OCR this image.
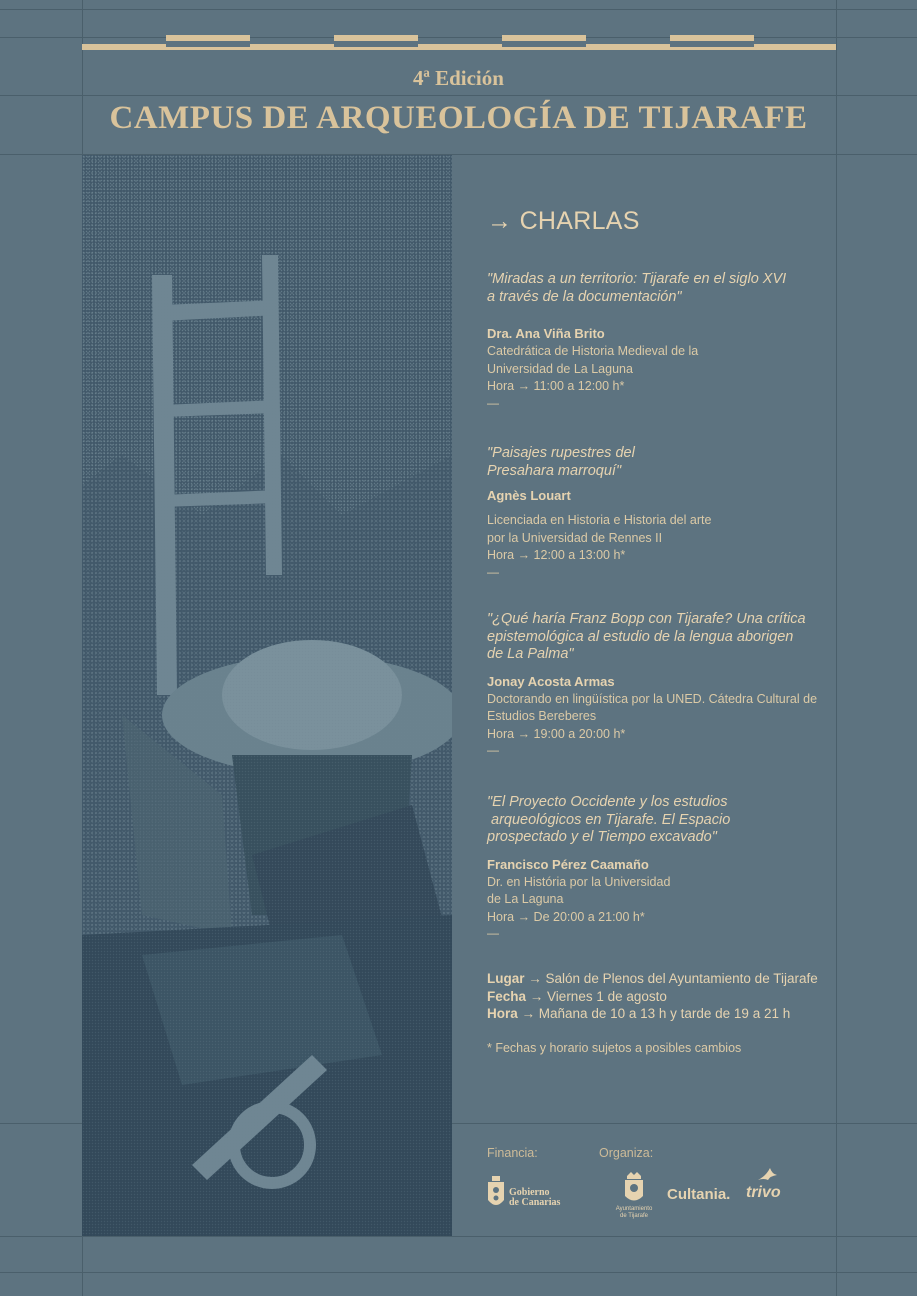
4ª Edición
CAMPUS DE ARQUEOLOGÍA DE TIJARAFE
→ CHARLAS
"Miradas a un territorio: Tijarafe en el siglo XVI
a través de la documentación"
Dra. Ana Viña Brito
Catedrática de Historia Medieval de la
Universidad de La Laguna
Hora → 11:00 a 12:00 h*
—
"Paisajes rupestres del
Presahara marroquí"
Agnès Louart
Licenciada en Historia e Historia del arte
por la Universidad de Rennes II
Hora → 12:00 a 13:00 h*
—
"¿Qué haría Franz Bopp con Tijarafe? Una crítica
epistemológica al estudio de la lengua aborigen
de La Palma"
Jonay Acosta Armas
Doctorando en lingüística por la UNED. Cátedra Cultural de
Estudios Bereberes
Hora → 19:00 a 20:00 h*
—
"El Proyecto Occidente y los estudios
arqueológicos en Tijarafe. El Espacio
prospectado y el Tiempo excavado"
Francisco Pérez Caamaño
Dr. en História por la Universidad
de La Laguna
Hora → De 20:00 a 21:00 h*
—
Lugar → Salón de Plenos del Ayuntamiento de Tijarafe
Fecha → Viernes 1 de agosto
Hora → Mañana de 10 a 13 h y tarde de 19 a 21 h
* Fechas y horario sujetos a posibles cambios
Financia:	Organiza:
Gobierno
de Canarias
Ayuntamiento
de Tijarafe
Cultania. trivo
